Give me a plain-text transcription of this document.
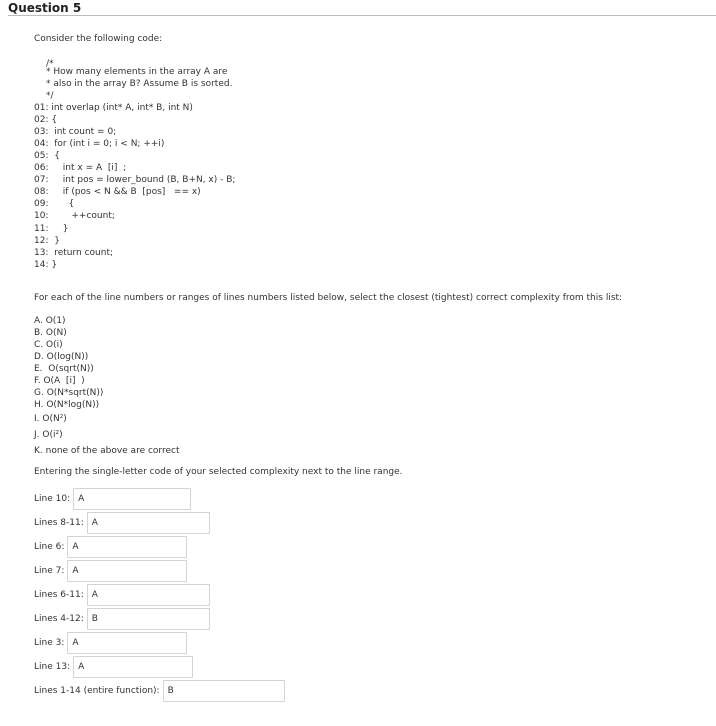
Question 5
Consider the following code:
/*
* How many elements in the array A are
* also in the array B? Assume B is sorted.
*/
01: int overlap (int* A, int* B, int N)
02: {
03:  int count = 0;
04:  for (int i = 0; i < N; ++i)
05:  {
06:     int x = A  [i]  ;
07:     int pos = lower_bound (B, B+N, x) - B;
08:     if (pos < N && B  [pos]   == x)
09:       {
10:        ++count;
11:     }
12:  }
13:  return count;
14: }
For each of the line numbers or ranges of lines numbers listed below, select the closest (tightest) correct complexity from this list:
A. O(1)
B. O(N)
C. O(i)
D. O(log(N))
E.  O(sqrt(N))
F. O(A  [i]  )
G. O(N*sqrt(N))
H. O(N*log(N))
I. O(N²)
J. O(i²)
K. none of the above are correct
Entering the single-letter code of your selected complexity next to the line range.
Line 10:
A
Lines 8-11:
A
Line 6:
A
Line 7:
A
Lines 6-11:
A
Lines 4-12:
B
Line 3:
A
Line 13:
A
Lines 1-14 (entire function):
B
